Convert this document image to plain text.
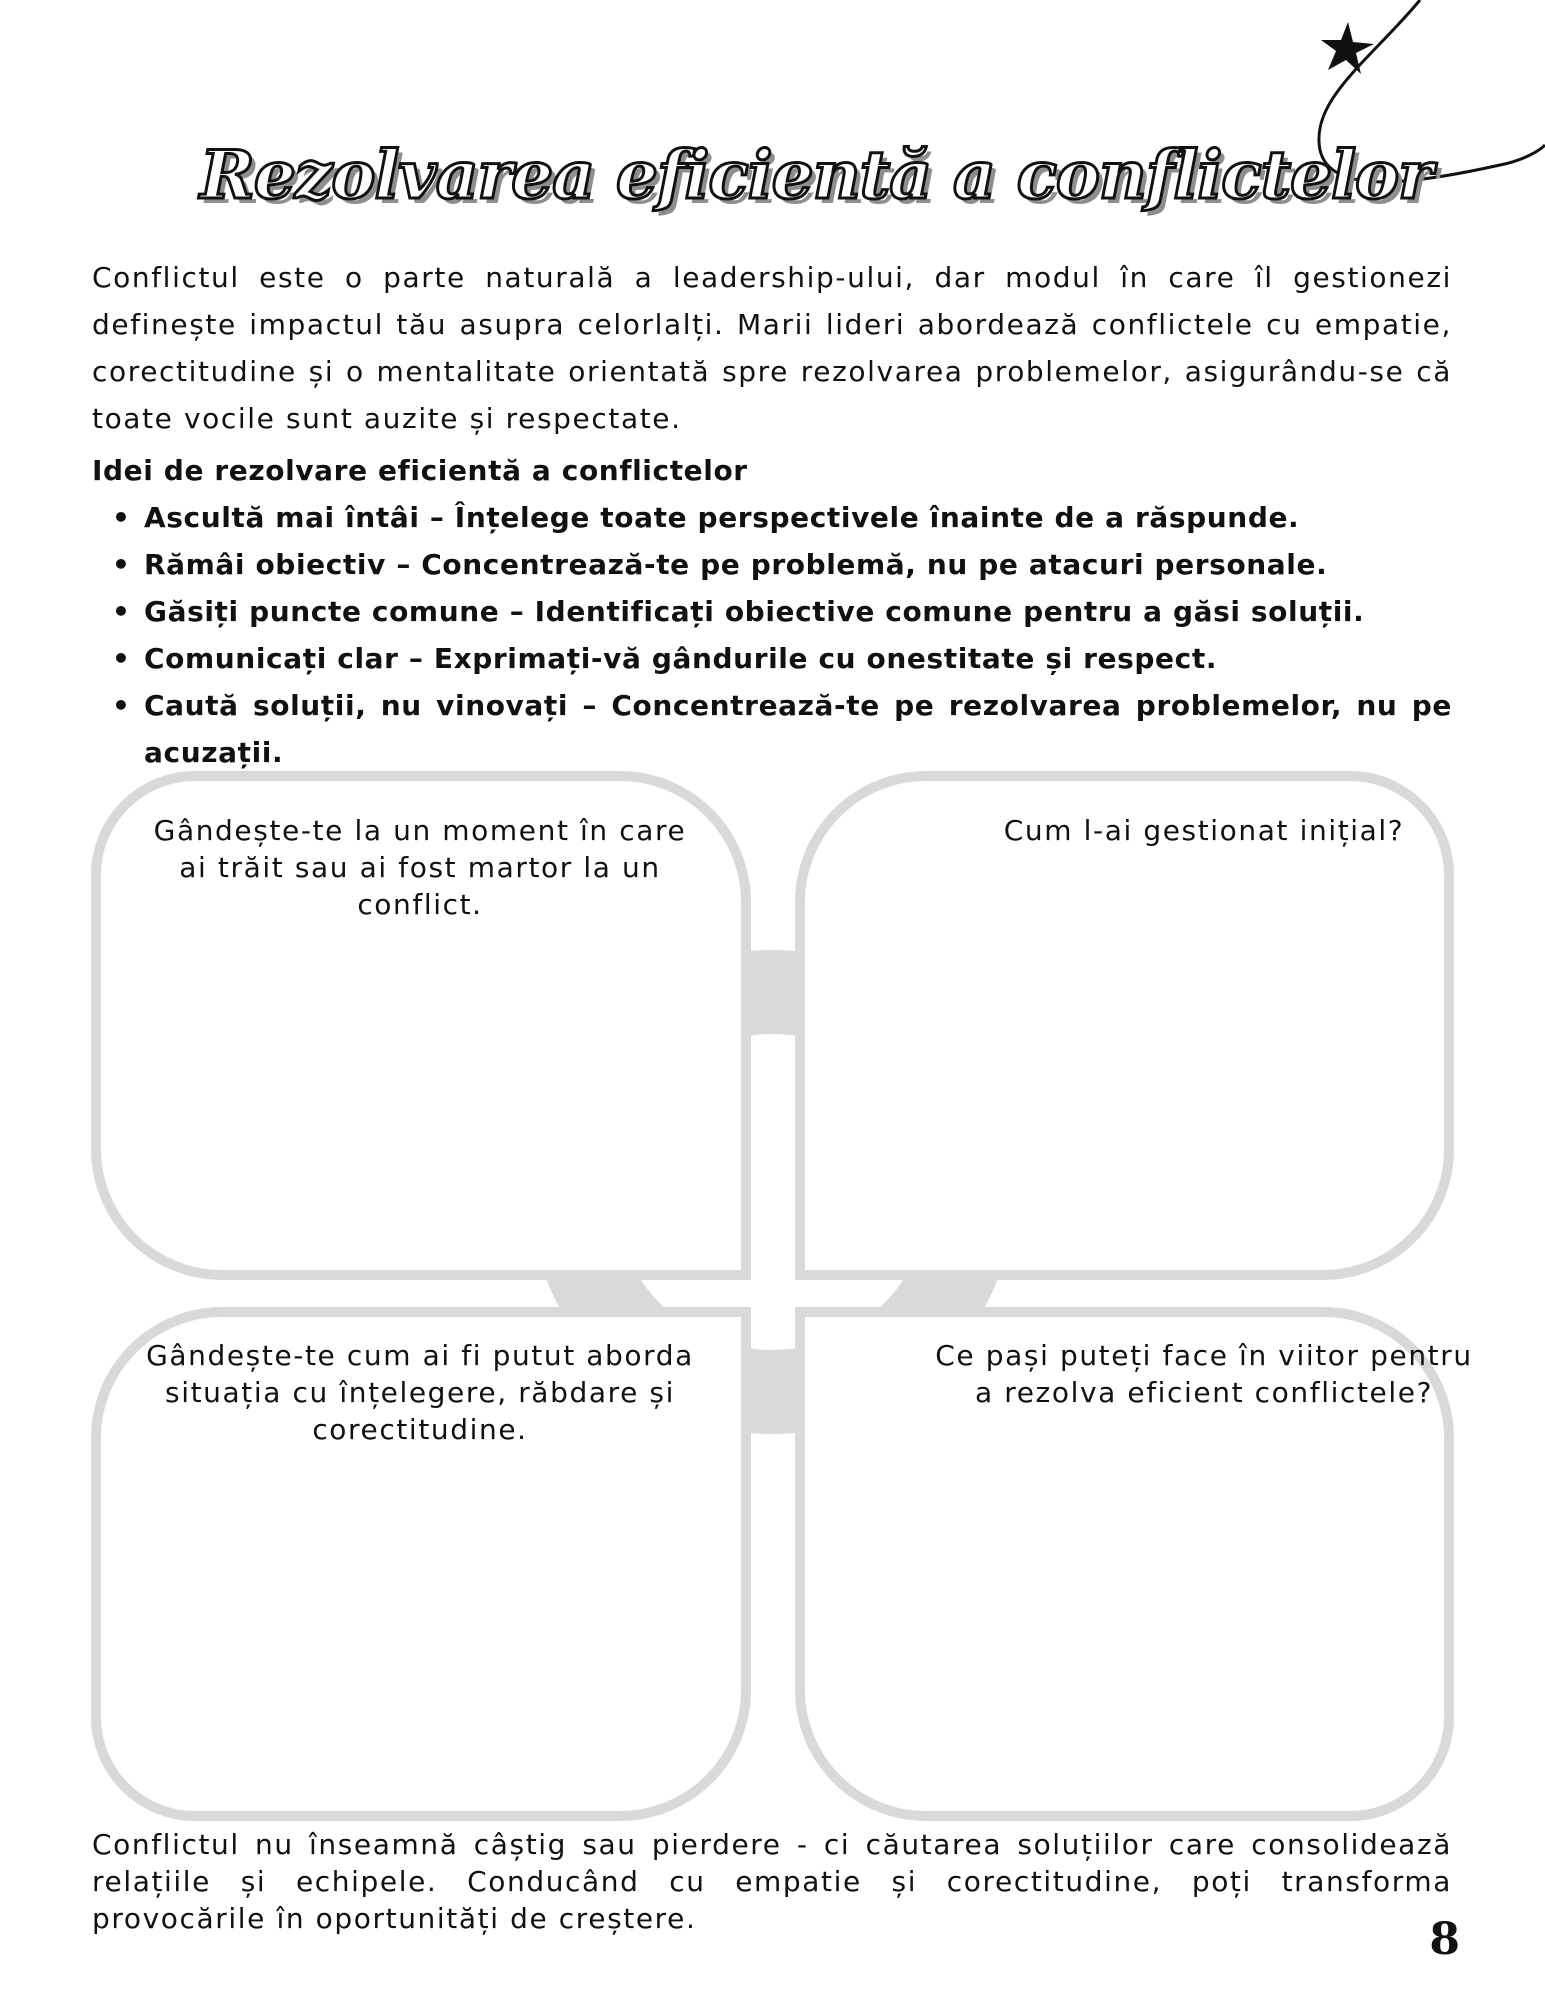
Rezolvarea eficientă a conflictelor

Conflictul este o parte naturală a leadership-ului, dar modul în care îl gestionezi definește impactul tău asupra celorlalți. Marii lideri abordează conflictele cu empatie, corectitudine și o mentalitate orientată spre rezolvarea problemelor, asigurându-se că toate vocile sunt auzite și respectate.

Idei de rezolvare eficientă a conflictelor

• Ascultă mai întâi – Înțelege toate perspectivele înainte de a răspunde.
• Rămâi obiectiv – Concentrează-te pe problemă, nu pe atacuri personale.
• Găsiți puncte comune – Identificați obiective comune pentru a găsi soluții.
• Comunicați clar – Exprimați-vă gândurile cu onestitate și respect.
• Caută soluții, nu vinovați – Concentrează-te pe rezolvarea problemelor, nu pe acuzații.

Gândește-te la un moment în care ai trăit sau ai fost martor la un conflict.

Cum l-ai gestionat inițial?

Gândește-te cum ai fi putut aborda situația cu înțelegere, răbdare și corectitudine.

Ce pași puteți face în viitor pentru a rezolva eficient conflictele?

Conflictul nu înseamnă câștig sau pierdere - ci căutarea soluțiilor care consolidează relațiile și echipele. Conducând cu empatie și corectitudine, poți transforma provocările în oportunități de creștere.	8
